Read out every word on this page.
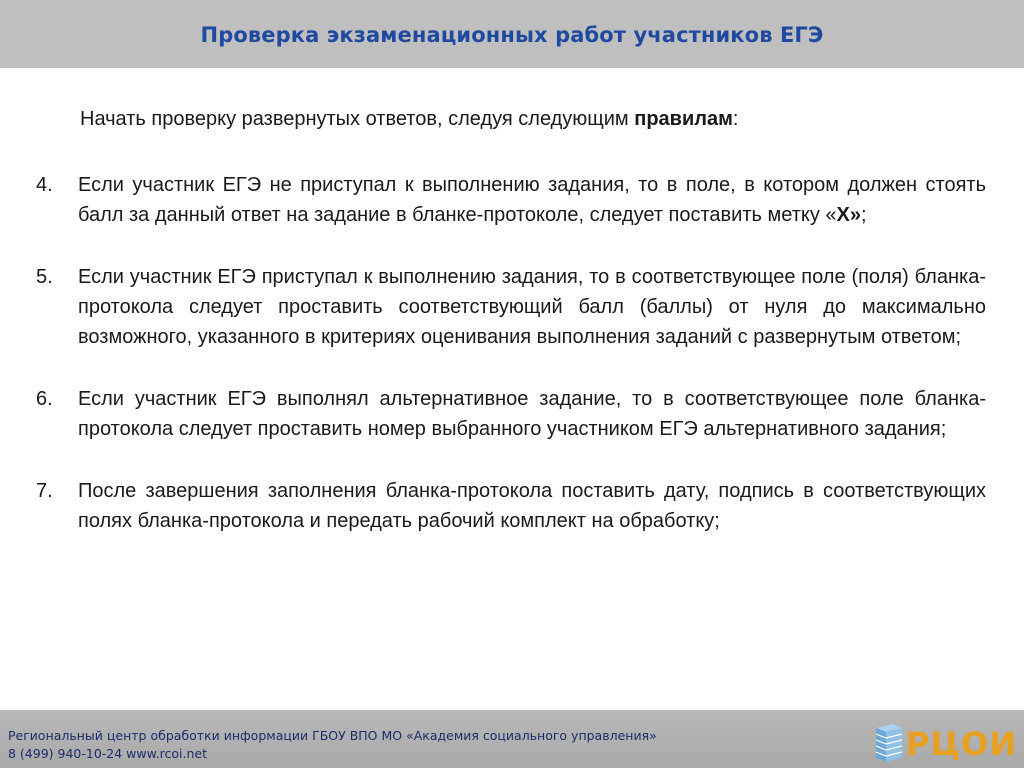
Проверка экзаменационных работ участников ЕГЭ
Начать проверку развернутых ответов, следуя следующим правилам:
4.	Если участник ЕГЭ не приступал к выполнению задания, то в поле, в котором должен стоять балл за данный ответ на задание в бланке-протоколе, следует поставить метку «Х»;
5.	Если участник ЕГЭ приступал к выполнению задания, то в соответствующее поле (поля) бланка-протокола следует проставить соответствующий балл (баллы) от нуля до максимально возможного, указанного в критериях оценивания выполнения заданий с развернутым ответом;
6.	Если участник ЕГЭ выполнял альтернативное задание, то в соответствующее поле бланка-протокола следует проставить номер выбранного участником ЕГЭ альтернативного задания;
7.	После завершения заполнения бланка-протокола поставить дату, подпись в соответствующих полях бланка-протокола и передать рабочий комплект на обработку;
Региональный центр обработки информации ГБОУ ВПО МО «Академия социального управления»
8 (499) 940-10-24 www.rcoi.net	РЦОИ
